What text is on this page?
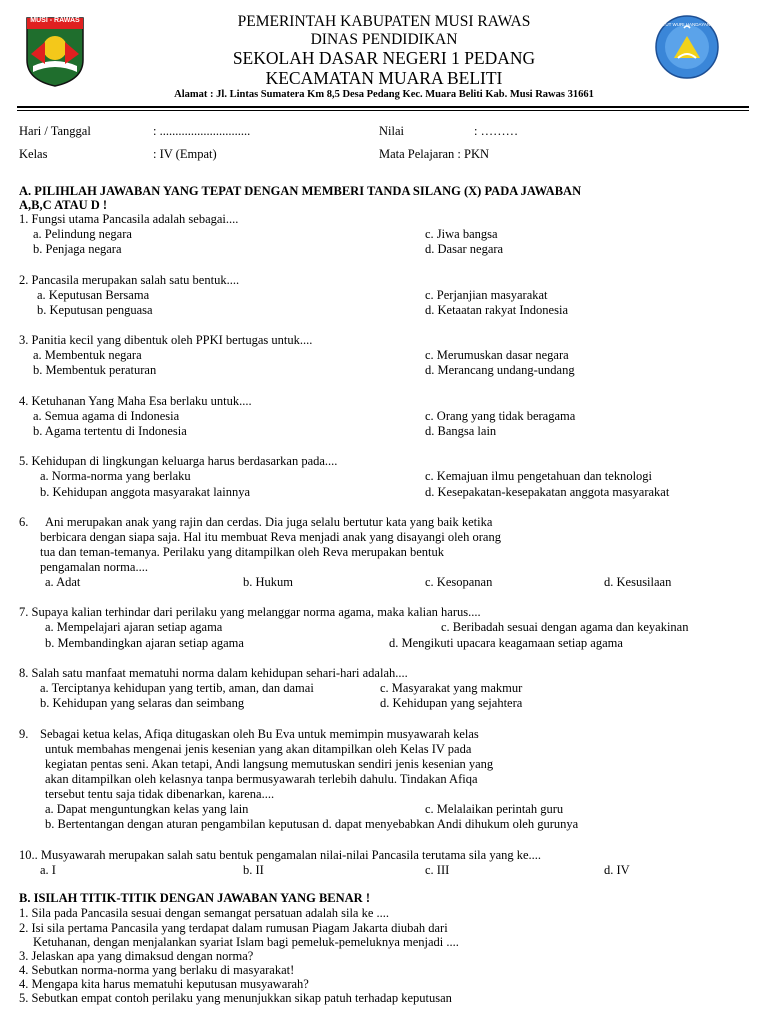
MUSI - RAWAS
TUT WURI HANDAYANI
PEMERINTAH KABUPATEN MUSI RAWAS
DINAS PENDIDIKAN
SEKOLAH DASAR NEGERI 1 PEDANG
KECAMATAN MUARA BELITI
Alamat : Jl. Lintas Sumatera Km 8,5 Desa Pedang Kec. Muara Beliti Kab. Musi Rawas 31661
Hari / Tanggal	: .............................	Nilai	: ………
Kelas	: IV (Empat)	Mata Pelajaran : PKN
A. PILIHLAH JAWABAN YANG TEPAT DENGAN MEMBERI TANDA SILANG (X) PADA JAWABAN
A,B,C ATAU D !
1. Fungsi utama Pancasila adalah sebagai....
a. Pelindung negara	c. Jiwa bangsa
b. Penjaga negara	d. Dasar negara
2. Pancasila merupakan salah satu bentuk....
a. Keputusan Bersama	c. Perjanjian masyarakat
b. Keputusan penguasa	d. Ketaatan rakyat Indonesia
3. Panitia kecil yang dibentuk oleh PPKI bertugas untuk....
a. Membentuk negara	c. Merumuskan dasar negara
b. Membentuk peraturan	d. Merancang undang-undang
4. Ketuhanan Yang Maha Esa berlaku untuk....
a. Semua agama di Indonesia	c. Orang yang tidak beragama
b. Agama tertentu di Indonesia	d. Bangsa lain
5. Kehidupan di lingkungan keluarga harus berdasarkan pada....
a. Norma-norma yang berlaku	c. Kemajuan ilmu pengetahuan dan teknologi
b. Kehidupan anggota masyarakat lainnya	d. Kesepakatan-kesepakatan anggota masyarakat
6. Ani merupakan anak yang rajin dan cerdas. Dia juga selalu bertutur kata yang baik ketika
berbicara dengan siapa saja. Hal itu membuat Reva menjadi anak yang disayangi oleh orang
tua dan teman-temanya. Perilaku yang ditampilkan oleh Reva merupakan bentuk
pengamalan norma....
a. Adat	b. Hukum	c. Kesopanan	d. Kesusilaan
7. Supaya kalian terhindar dari perilaku yang melanggar norma agama, maka kalian harus....
a. Mempelajari ajaran setiap agama	c. Beribadah sesuai dengan agama dan keyakinan
b. Membandingkan ajaran setiap agama	d. Mengikuti upacara keagamaan setiap agama
8. Salah satu manfaat mematuhi norma dalam kehidupan sehari-hari adalah....
a. Terciptanya kehidupan yang tertib, aman, dan damai	c. Masyarakat yang makmur
b. Kehidupan yang selaras dan seimbang	d. Kehidupan yang sejahtera
9. Sebagai ketua kelas, Afiqa ditugaskan oleh Bu Eva untuk memimpin musyawarah kelas
untuk membahas mengenai jenis kesenian yang akan ditampilkan oleh Kelas IV pada
kegiatan pentas seni. Akan tetapi, Andi langsung memutuskan sendiri jenis kesenian yang
akan ditampilkan oleh kelasnya tanpa bermusyawarah terlebih dahulu. Tindakan Afiqa
tersebut tentu saja tidak dibenarkan, karena....
a. Dapat menguntungkan kelas yang lain	c. Melalaikan perintah guru
b. Bertentangan dengan aturan pengambilan keputusan d. dapat menyebabkan Andi dihukum oleh gurunya
10.. Musyawarah merupakan salah satu bentuk pengamalan nilai-nilai Pancasila terutama sila yang ke....
a. I	b. II	c. III	d. IV
B. ISILAH TITIK-TITIK DENGAN JAWABAN YANG BENAR !
1. Sila pada Pancasila sesuai dengan semangat persatuan adalah sila ke ....
2. Isi sila pertama Pancasila yang terdapat dalam rumusan Piagam Jakarta diubah dari
Ketuhanan, dengan menjalankan syariat Islam bagi pemeluk-pemeluknya menjadi ....
3. Jelaskan apa yang dimaksud dengan norma?
4. Sebutkan norma-norma yang berlaku di masyarakat!
4. Mengapa kita harus mematuhi keputusan musyawarah?
5. Sebutkan empat contoh perilaku yang menunjukkan sikap patuh terhadap keputusan
